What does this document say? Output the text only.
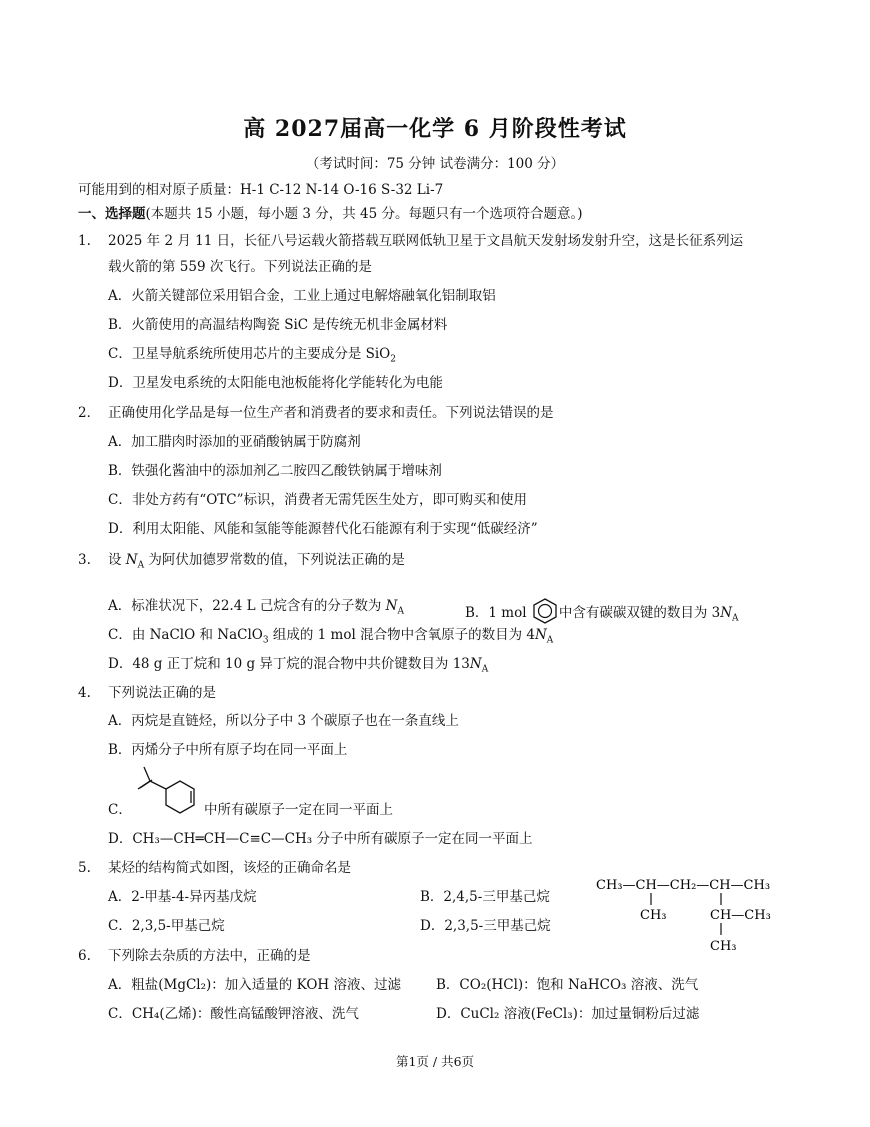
高 2027届高一化学 6 月阶段性考试
（考试时间：75 分钟 试卷满分：100 分）
可能用到的相对原子质量：H-1 C-12 N-14 O-16 S-32 Li-7
一、选择题(本题共 15 小题，每小题 3 分，共 45 分。每题只有一个选项符合题意。)
1. 2025 年 2 月 11 日，长征八号运载火箭搭载互联网低轨卫星于文昌航天发射场发射升空，这是长征系列运
载火箭的第 559 次飞行。下列说法正确的是
A．火箭关键部位采用铝合金，工业上通过电解熔融氧化铝制取铝
B．火箭使用的高温结构陶瓷 SiC 是传统无机非金属材料
C．卫星导航系统所使用芯片的主要成分是 SiO$_2$
D．卫星发电系统的太阳能电池板能将化学能转化为电能
2． 正确使用化学品是每一位生产者和消费者的要求和责任。下列说法错误的是
A．加工腊肉时添加的亚硝酸钠属于防腐剂
B．铁强化酱油中的添加剂乙二胺四乙酸铁钠属于增味剂
C．非处方药有“OTC”标识，消费者无需凭医生处方，即可购买和使用
D．利用太阳能、风能和氢能等能源替代化石能源有利于实现“低碳经济”
3. 设 $N_A$ 为阿伏加德罗常数的值，下列说法正确的是
A．标准状况下，22.4 L 己烷含有的分子数为 $N_A$	B．1 mol 中含有碳碳双键的数目为 $3N_A$
C．由 NaClO 和 NaClO$_3$ 组成的 1 mol 混合物中含氧原子的数目为 $4N_A$
D．48 g 正丁烷和 10 g 异丁烷的混合物中共价键数目为 $13N_A$
4. 下列说法正确的是
A．丙烷是直链烃，所以分子中 3 个碳原子也在一条直线上
B．丙烯分子中所有原子均在同一平面上
C．	中所有碳原子一定在同一平面上
D．CH₃—CH═CH—C≡C—CH₃ 分子中所有碳原子一定在同一平面上
5. 某烃的结构简式如图，该烃的正确命名是
A．2-甲基-4-异丙基戊烷	B．2,4,5-三甲基己烷
C．2,3,5-甲基己烷	D．2,3,5-三甲基己烷
CH₃—CH—CH₂—CH—CH₃
CH₃	CH—CH₃
CH₃
6. 下列除去杂质的方法中，正确的是
A．粗盐(MgCl₂)：加入适量的 KOH 溶液、过滤	B．CO₂(HCl)：饱和 NaHCO₃ 溶液、洗气
C．CH₄(乙烯)：酸性高锰酸钾溶液、洗气	D．CuCl₂ 溶液(FeCl₃)：加过量铜粉后过滤
第1页 / 共6页
